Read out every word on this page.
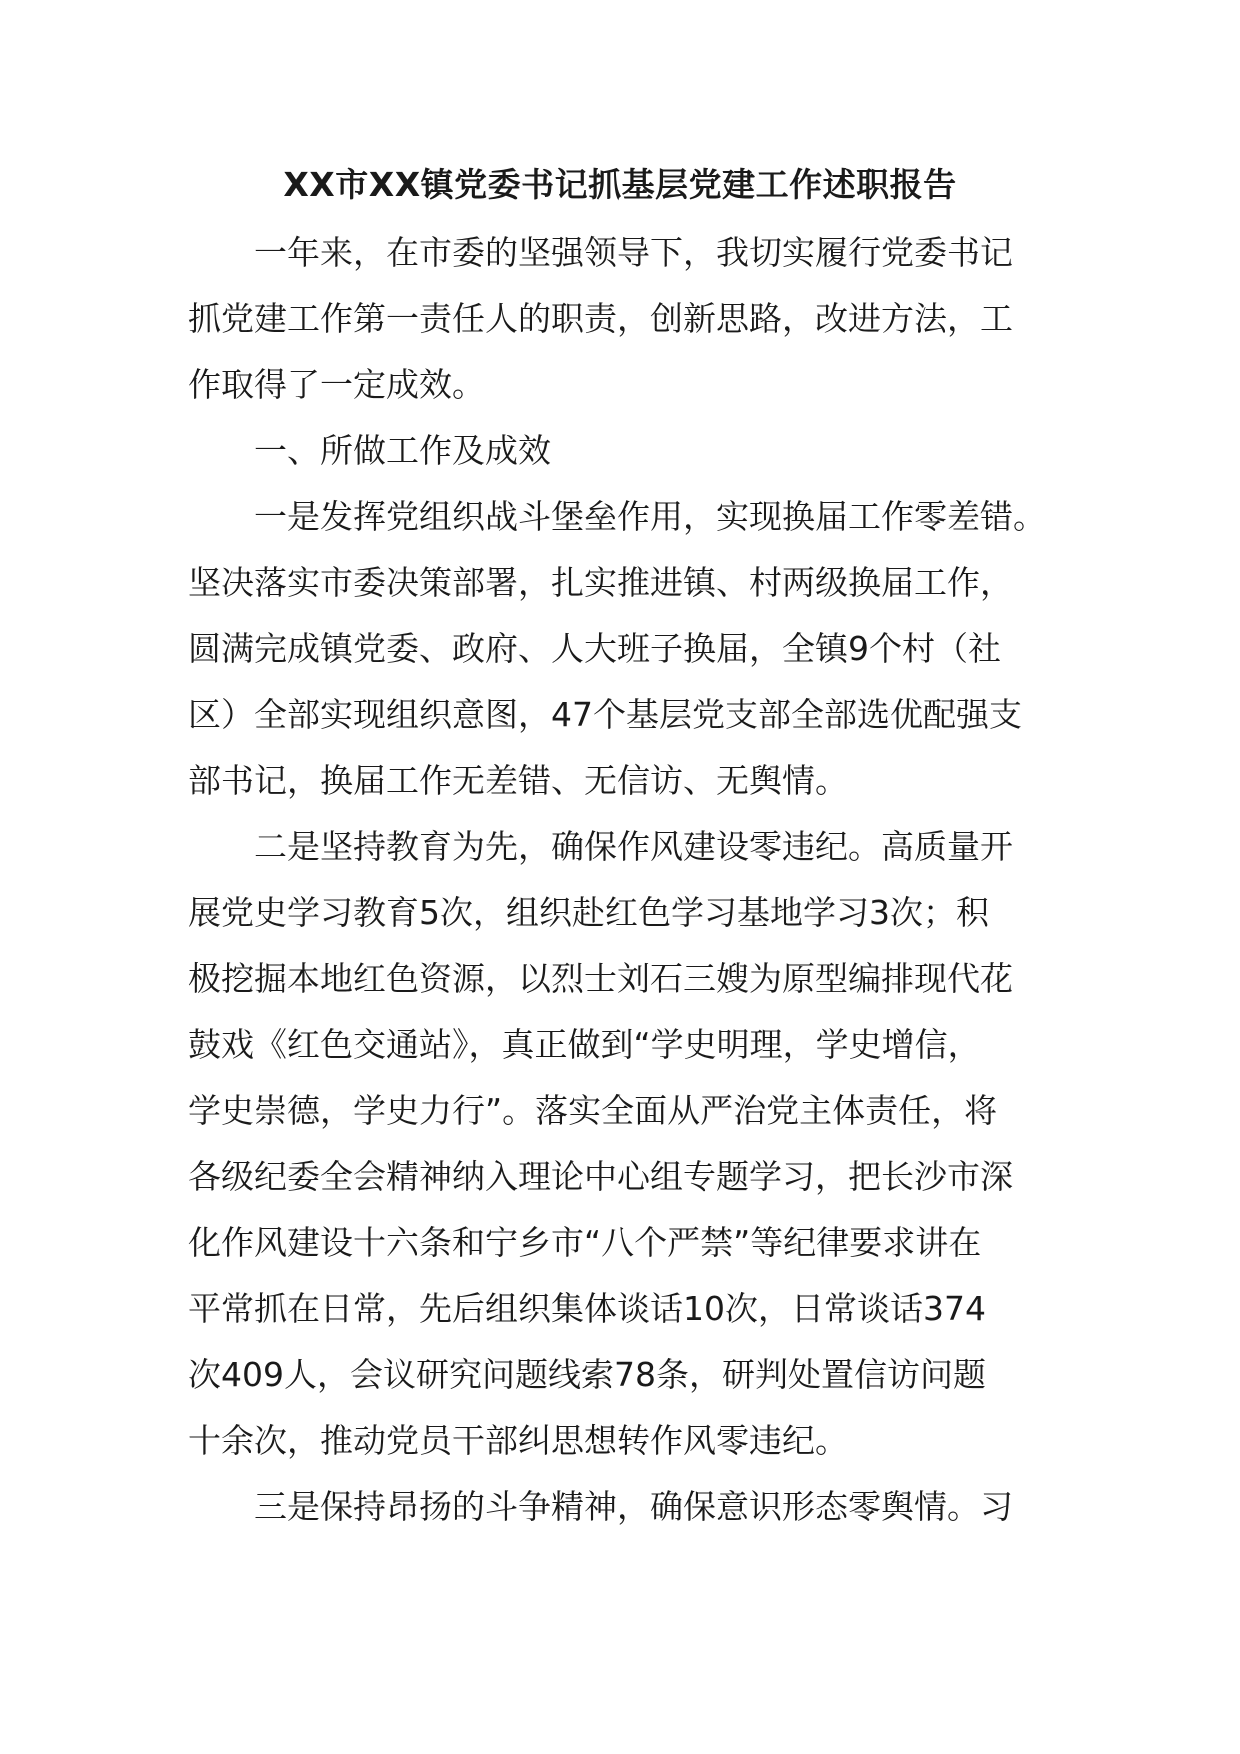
XX市XX镇党委书记抓基层党建工作述职报告
一年来，在市委的坚强领导下，我切实履行党委书记
抓党建工作第一责任人的职责，创新思路，改进方法，工
作取得了一定成效。
一、所做工作及成效
一是发挥党组织战斗堡垒作用，实现换届工作零差错。
坚决落实市委决策部署，扎实推进镇、村两级换届工作，
圆满完成镇党委、政府、人大班子换届，全镇9个村（社
区）全部实现组织意图，47个基层党支部全部选优配强支
部书记，换届工作无差错、无信访、无舆情。
二是坚持教育为先，确保作风建设零违纪。高质量开
展党史学习教育5次，组织赴红色学习基地学习3次；积
极挖掘本地红色资源，以烈士刘石三嫂为原型编排现代花
鼓戏《红色交通站》，真正做到“学史明理，学史增信，
学史崇德，学史力行”。落实全面从严治党主体责任，将
各级纪委全会精神纳入理论中心组专题学习，把长沙市深
化作风建设十六条和宁乡市“八个严禁”等纪律要求讲在
平常抓在日常，先后组织集体谈话10次，日常谈话374
次409人，会议研究问题线索78条，研判处置信访问题
十余次，推动党员干部纠思想转作风零违纪。
三是保持昂扬的斗争精神，确保意识形态零舆情。习
